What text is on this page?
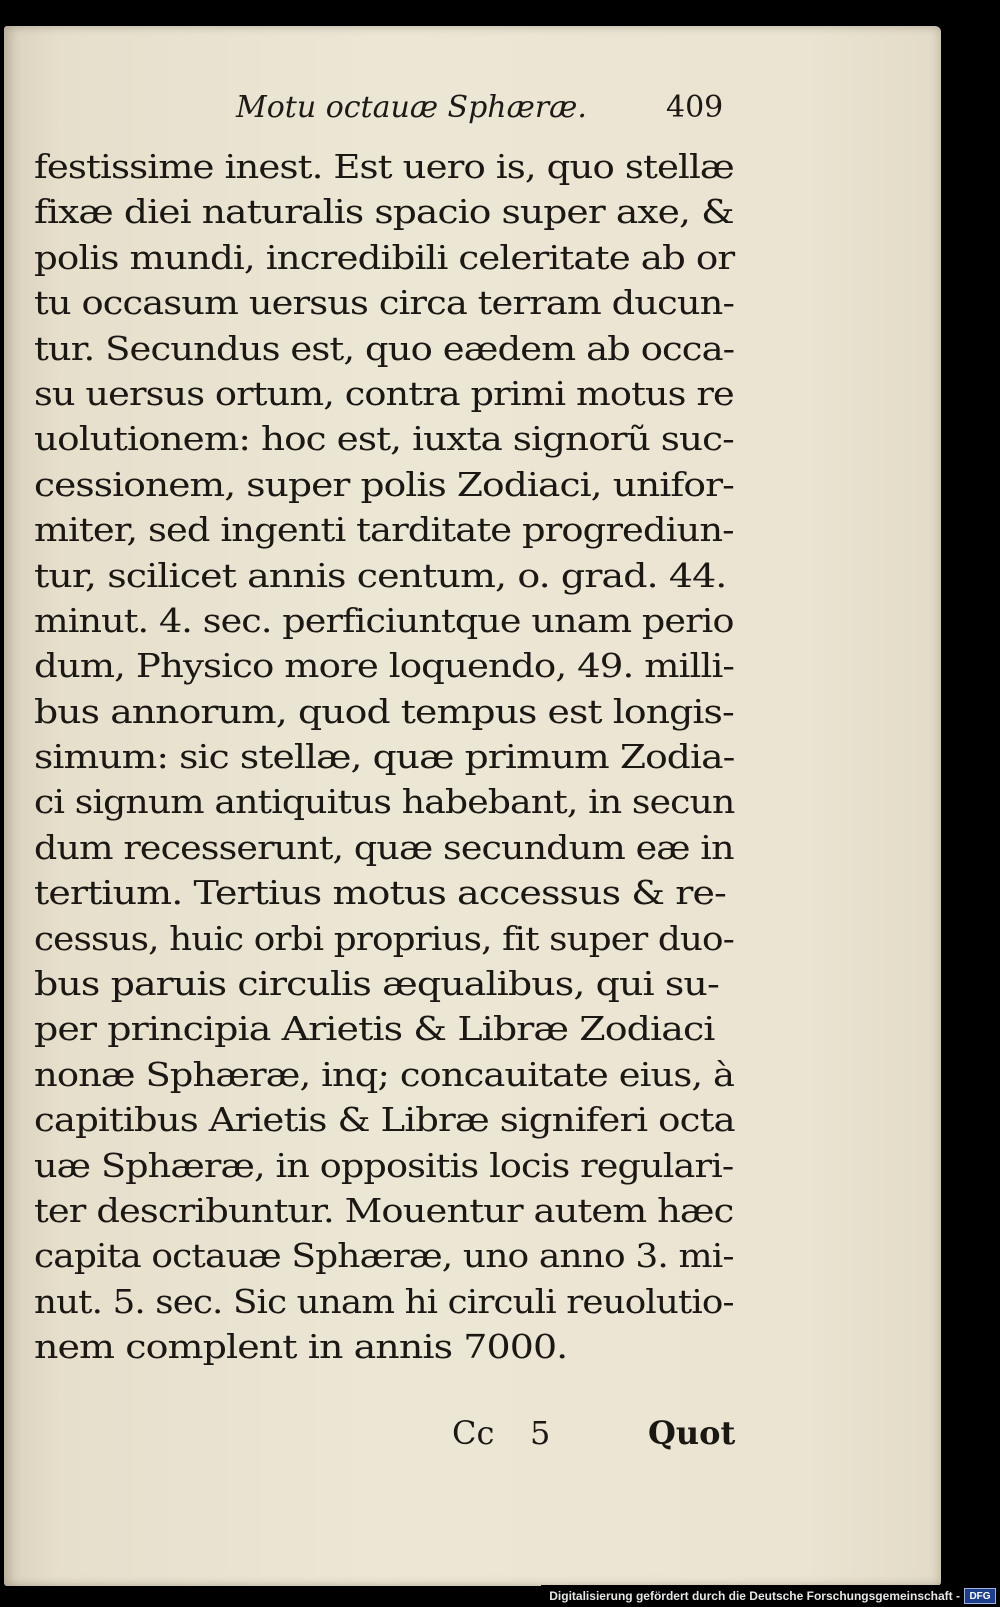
Motu octauæ Sphæræ.	409
festissime inest. Est uero is, quo stellæ
fixæ diei naturalis spacio super axe, &
polis mundi, incredibili celeritate ab or
tu occasum uersus circa terram ducun-
tur. Secundus est, quo eædem ab occa-
su uersus ortum, contra primi motus re
uolutionem: hoc est, iuxta signorũ suc-
cessionem, super polis Zodiaci, unifor-
miter, sed ingenti tarditate progrediun-
tur, scilicet annis centum, o. grad. 44.
minut. 4. sec. perficiuntque unam perio
dum, Physico more loquendo, 49. milli-
bus annorum, quod tempus est longis-
simum: sic stellæ, quæ primum Zodia-
ci signum antiquitus habebant, in secun
dum recesserunt, quæ secundum eæ in
tertium. Tertius motus accessus & re-
cessus, huic orbi proprius, fit super duo-
bus paruis circulis æqualibus, qui su-
per principia Arietis & Libræ Zodiaci
nonæ Sphæræ, inq; concauitate eius, à
capitibus Arietis & Libræ signiferi octa
uæ Sphæræ, in oppositis locis regulari-
ter describuntur. Mouentur autem hæc
capita octauæ Sphæræ, uno anno 3. mi-
nut. 5. sec. Sic unam hi circuli reuolutio-
nem complent in annis 7000.
Cc 5	Quot
Digitalisierung gefördert durch die Deutsche Forschungsgemeinschaft - DFG
